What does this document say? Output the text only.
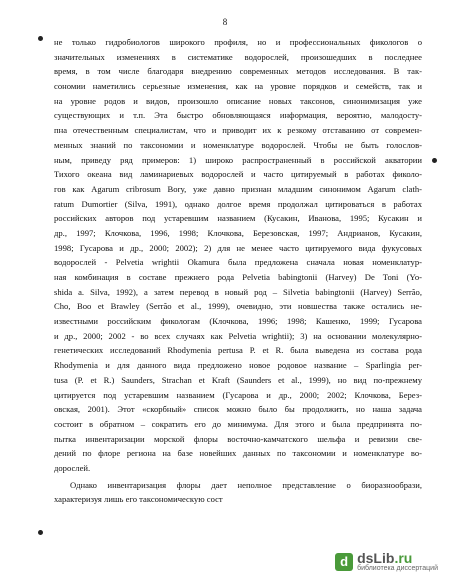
8
не только гидробиологов широкого профиля, но и профессиональных фикологов о
значительных изменениях в систематике водорослей, произошедших в последнее
время, в том числе благодаря внедрению современных методов исследования. В так-
сономии наметились серьезные изменения, как на уровне порядков и семейств, так и
на уровне родов и видов, произошло описание новых таксонов, синонимизация уже
существующих и т.п. Эта быстро обновляющаяся информация, вероятно, малодосту-
пна отечественным специалистам, что и приводит их к резкому отставанию от современ-
менных знаний по таксономии и номенклатуре водорослей. Чтобы не быть голослов-
ным, приведу ряд примеров: 1) широко распространенный в российской акватории
Тихого океана вид ламинариевых водорослей и часто цитируемый в работах фиколо-
гов как Agarum cribrosum Bory, уже давно признан младшим синонимом Agarum clath-
ratum Dumortier (Silva, 1991), однако долгое время продолжал цитироваться в работах
российских авторов под устаревшим названием (Кусакин, Иванова, 1995; Кусакин и
др., 1997; Клочкова, 1996, 1998; Клочкова, Березовская, 1997; Андрианов, Кусакин,
1998; Гусарова и др., 2000; 2002); 2) для не менее часто цитируемого вида фукусовых
водорослей - Pelvetia wrightii Okamura была предложена сначала новая номенклатур-
ная комбинация в составе прежнего рода Pelvetia babingtonii (Harvey) De Toni (Yo-
shida a. Silva, 1992), а затем перевод в новый род – Silvetia babingtonii (Harvey) Serrão,
Cho, Boo et Brawley (Serrão et al., 1999), очевидно, эти новшества также остались не-
известными российским фикологам (Клочкова, 1996; 1998; Кашенко, 1999; Гусарова
и др., 2000; 2002 - во всех случаях как Pelvetia wrightii); 3) на основании молекулярно-
генетических исследований Rhodymenia pertusa P. et R. была выведена из состава рода
Rhodymenia и для данного вида предложено новое родовое название – Sparlingia per-
tusa (P. et R.) Saunders, Strachan et Kraft (Saunders et al., 1999), но вид по-прежнему
цитируется под устаревшим названием (Гусарова и др., 2000; 2002; Клочкова, Берез-
овская, 2001). Этот «скорбный» список можно было бы продолжить, но наша задача
состоит в обратном – сократить его до минимума. Для этого и была предпринята по-
пытка инвентаризации морской флоры восточно-камчатского шельфа и ревизии све-
дений по флоре региона на базе новейших данных по таксономии и номенклатуре во-
дорослей.
Однако инвентаризация флоры дает неполное представление о биоразнообрази,
характеризуя лишь его таксономическую сост
d dsLib.ru
библиотека диссертаций
